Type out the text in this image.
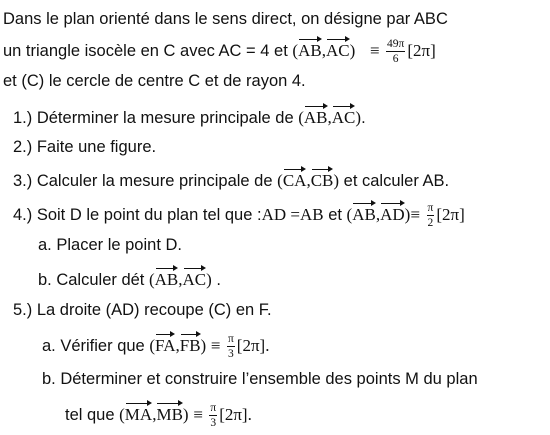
Dans le plan orienté dans le sens direct, on désigne par ABC
un triangle isocèle en C avec AC = 4 et $(AB,AC) \equiv \frac{49\pi}{6} [2\pi]$
et (C) le cercle de centre C et de rayon 4.
1.) Déterminer la mesure principale de (AB,AC).
2.) Faite une figure.
3.) Calculer la mesure principale de (CA,CB) et calculer AB.
4.) Soit D le point du plan tel que :AD =AB et $(AB,AD)\equiv \frac{\pi}{2} [2\pi]$
a. Placer le point D.
b. Calculer dét (AB,AC) .
5.) La droite (AD) recoupe (C) en F.
a. Vérifier que $(FA,FB) \equiv \frac{\pi}{3} [2\pi]$.
b. Déterminer et construire l’ensemble des points M du plan
tel que $(MA,MB) \equiv \frac{\pi}{3} [2\pi]$.
